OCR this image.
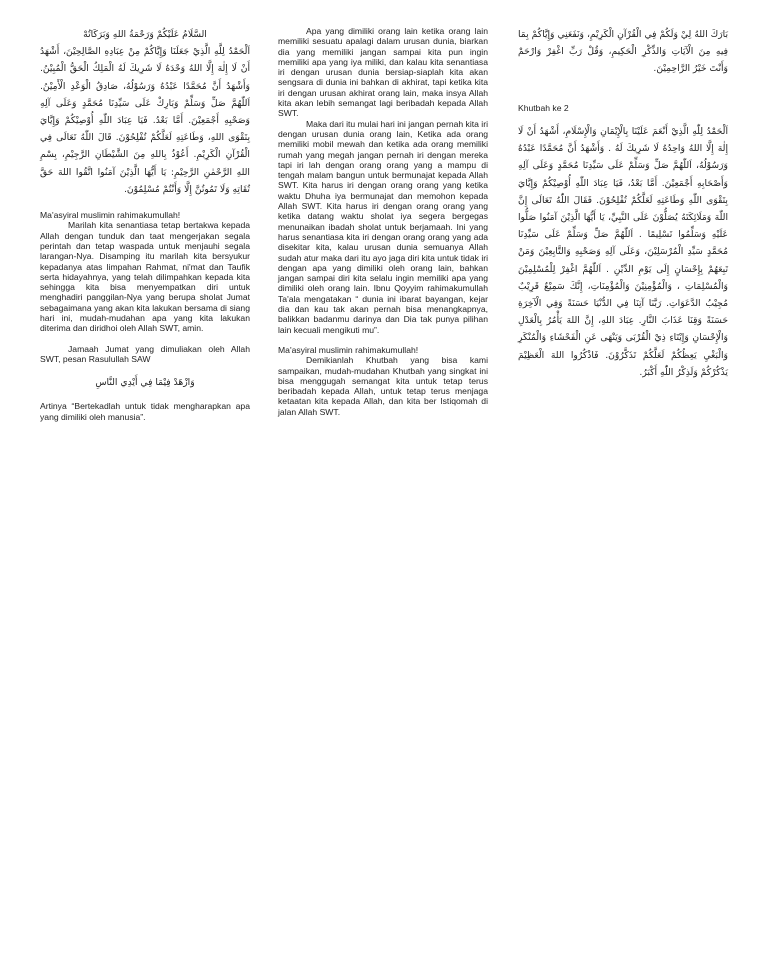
السَّلَامُ عَلَيْكُمْ وَرَحْمَةُ اللهِ وَبَرَكَاتُهْ

اَلْحَمْدُ لِلَّهِ الَّذِيْ جَعَلَنَا وَإِيَّاكُمْ مِنْ عِبَادِهِ الصَّالِحِيْنَ، أَشْهَدُ أَنْ لَا إِلٰهَ إِلَّا اللهُ وَحْدَهُ لَا شَرِيكَ لَهُ الْمَلِكُ الْحَقُّ الْمُبِيْنُ. وَأَشْهَدُ أَنَّ مُحَمَّدًا عَبْدُهُ وَرَسُوْلُهُ، صَادِقُ الْوَعْدِ الْأَمِيْنُ. اَللّٰهُمَّ صَلِّ وَسَلِّمْ وَبَارِكْ عَلَى سَيِّدِنَا مُحَمَّدٍ وَعَلَى آلِهِ وَصَحْبِهِ أَجْمَعِيْنَ. أَمَّا بَعْدُ. فَيَا عِبَادَ اللّٰهِ أُوْصِيْكُمْ وَإِيَّايَ بِتَقْوَى اللهِ، وَطَاعَتِهِ لَعَلَّكُمْ تُفْلِحُوْنَ. قَالَ اللّٰهُ تَعَالَى فِي الْقُرْآنِ الْكَرِيْمِ. أَعُوْذُ بِاللهِ مِنَ الشَّيْطَانِ الرَّجِيْمِ، بِسْمِ اللهِ الرَّحْمٰنِ الرَّحِيْمِ: يَا أَيُّهَا الَّذِيْنَ آمَنُوا اتَّقُوا اللهَ حَقَّ تُقَاتِهِ وَلَا تَمُوتُنَّ إِلَّا وَأَنْتُمْ مُسْلِمُوْنَ.

Ma'asyiral muslimin rahimakumullah!

Marilah kita senantiasa tetap bertakwa kepada Allah dengan tunduk dan taat mengerjakan segala perintah dan tetap waspada untuk menjauhi segala larangan-Nya. Disamping itu marilah kita bersyukur kepadanya atas limpahan Rahmat, ni'mat dan Taufik serta hidayahnya, yang telah dilimpahkan kepada kita sehingga kita bisa menyempatkan diri untuk menghadiri panggilan-Nya yang berupa sholat Jumat sebagaimana yang akan kita lakukan bersama di siang hari ini, mudah-mudahan apa yang kita lakukan diterima dan diridhoi oleh Allah SWT, amin.

Jamaah Jumat yang dimuliakan oleh Allah SWT, pesan Rasulullah SAW

وَازْهَدْ فِيْمَا فِي أَيْدِي النَّاسِ

Artinya “Bertekadlah untuk tidak mengharapkan apa yang dimiliki oleh manusia”.

Apa yang dimiliki orang lain ketika orang lain memiliki sesuatu apalagi dalam urusan dunia, biarkan dia yang memiliki jangan sampai kita pun ingin memiliki apa yang iya miliki, dan kalau kita senantiasa iri dengan urusan dunia bersiap-siaplah kita akan sengsara di dunia ini bahkan di akhirat, tapi ketika kita iri dengan urusan akhirat orang lain, maka insya Allah kita akan lebih semangat lagi beribadah kepada Allah SWT.

Maka dari itu mulai hari ini jangan pernah kita iri dengan urusan dunia orang lain, Ketika ada orang memiliki mobil mewah dan ketika ada orang memiliki rumah yang megah jangan pernah iri dengan mereka tapi iri lah dengan orang orang yang a mampu di tengah malam bangun untuk bermunajat kepada Allah SWT. Kita harus iri dengan orang orang yang ketika waktu Dhuha iya bermunajat dan memohon kepada Allah SWT. Kita harus iri dengan orang orang yang ketika datang waktu sholat iya segera bergegas menunaikan ibadah sholat untuk berjamaah. Ini yang harus senantiasa kita iri dengan orang orang yang ada disekitar kita, kalau urusan dunia semuanya Allah sudah atur maka dari itu ayo jaga diri kita untuk tidak iri dengan apa yang dimiliki oleh orang lain, bahkan jangan sampai diri kita selalu ingin memiliki apa yang dimiliki oleh orang lain. Ibnu Qoyyim rahimakumullah Ta'ala mengatakan “ dunia ini ibarat bayangan, kejar dia dan kau tak akan pernah bisa menangkapnya, balikkan badanmu darinya dan Dia tak punya pilihan lain kecuali mengikuti mu”.

Ma'asyiral muslimin rahimakumullah!

Demikianlah Khutbah yang bisa kami sampaikan, mudah-mudahan Khutbah yang singkat ini bisa menggugah semangat kita untuk tetap terus beribadah kepada Allah, untuk tetap terus menjaga ketaatan kita kepada Allah, dan kita ber Istiqomah di jalan Allah SWT.

بَارَكَ اللهُ لِيْ وَلَكُمْ فِي الْقُرْآنِ الْكَرِيْمِ، وَنَفَعَنِي وَإِيَّاكُمْ بِمَا فِيهِ مِنَ الْآيَاتِ وَالذِّكْرِ الْحَكِيمِ، وَقُلْ رَبِّ اغْفِرْ وَارْحَمْ وَأَنْتَ خَيْرُ الرَّاحِمِيْنَ.

Khutbah ke 2

اَلْحَمْدُ لِلّٰهِ الَّذِيْ أَنْعَمَ عَلَيْنَا بِالْإِيْمَانِ وَالْإِسْلَامِ، أَشْهَدُ أَنْ لَا إِلٰهَ إِلَّا اللهُ وَاحِدُهُ لَا شَرِيكَ لَهُ . وَأَشْهَدُ أَنَّ مُحَمَّدًا عَبْدُهُ وَرَسُوْلُهُ، اَللّٰهُمَّ صَلِّ وَسَلِّمْ عَلَى سَيِّدِنَا مُحَمَّدٍ وَعَلَى آلِهِ وَأَصْحَابِهِ أَجْمَعِيْنَ. أَمَّا بَعْدُ، فَيَا عِبَادَ اللّٰهِ أُوْصِيْكُمْ وَإِيَّايَ بِتَقْوَى اللّٰهِ وَطَاعَتِهِ لَعَلَّكُمْ تُفْلِحُوْنَ. فَقَالَ اللّٰهُ تَعَالَى إِنَّ اللّٰهَ وَمَلَائِكَتَهُ يُصَلُّوْنَ عَلَى النَّبِيِّ، يَا أَيُّهَا الَّذِيْنَ آمَنُوا صَلُّوا عَلَيْهِ وَسَلِّمُوا تَسْلِيمًا . اَللّٰهُمَّ صَلِّ وَسَلِّمْ عَلَى سَيِّدِنَا مُحَمَّدٍ سَيِّدِ الْمُرْسَلِيْنَ، وَعَلَى آلِهِ وَصَحْبِهِ وَالتَّابِعِيْنَ وَمَنْ تَبِعَهُمْ بِإِحْسَانٍ إِلَى يَوْمِ الدِّيْنِ . اَللّٰهُمَّ اغْفِرْ لِلْمُسْلِمِيْنَ وَالْمُسْلِمَاتِ ، وَالْمُؤْمِنِيْنَ وَالْمُؤْمِنَاتِ، إِنَّكَ سَمِيْعٌ قَرِيْبٌ مُجِيْبُ الدَّعَوَاتِ. رَبَّنَا آتِنَا فِي الدُّنْيَا حَسَنَةً وَفِي الْآخِرَةِ حَسَنَةً وَقِنَا عَذَابَ النَّارِ. عِبَادَ اللهِ، إِنَّ اللهَ يَأْمُرُ بِالْعَدْلِ وَالْإِحْسَانِ وَإِيْتَاءِ ذِيْ الْقُرْبَى وَيَنْهَى عَنِ الْفَحْشَاءِ وَالْمُنْكَرِ وَالْبَغْيِ يَعِظُكُمْ لَعَلَّكُمْ تَذَكَّرُوْنَ. فَاذْكُرُوا اللهَ الْعَظِيْمَ يَذْكُرْكُمْ وَلَذِكْرُ اللّٰهِ أَكْبَرُ.
